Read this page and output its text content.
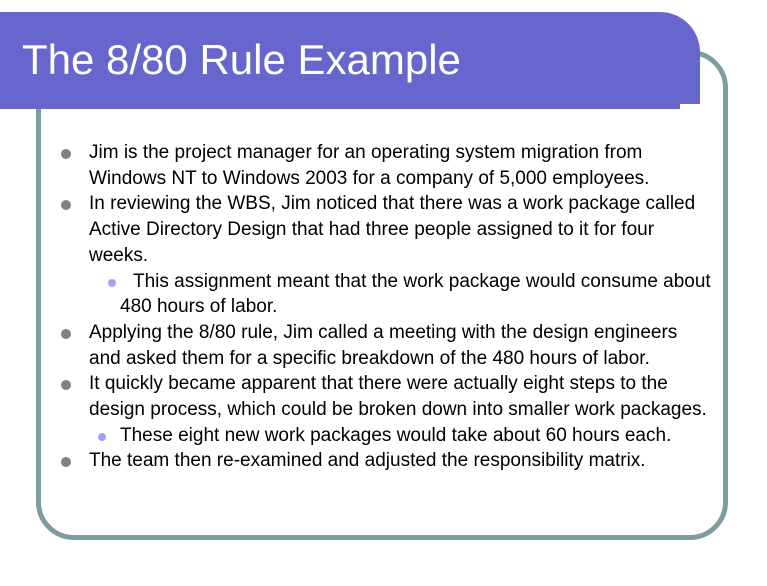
The 8/80 Rule Example
Jim is the project manager for an operating system migration from Windows NT to Windows 2003 for a company of 5,000 employees.
In reviewing the WBS, Jim noticed that there was a work package called Active Directory Design that had three people assigned to it for four weeks.
This assignment meant that the work package would consume about 480 hours of labor.
Applying the 8/80 rule, Jim called a meeting with the design engineers and asked them for a specific breakdown of the 480 hours of labor.
It quickly became apparent that there were actually eight steps to the design process, which could be broken down into smaller work packages.
These eight new work packages would take about 60 hours each.
The team then re-examined and adjusted the responsibility matrix.
